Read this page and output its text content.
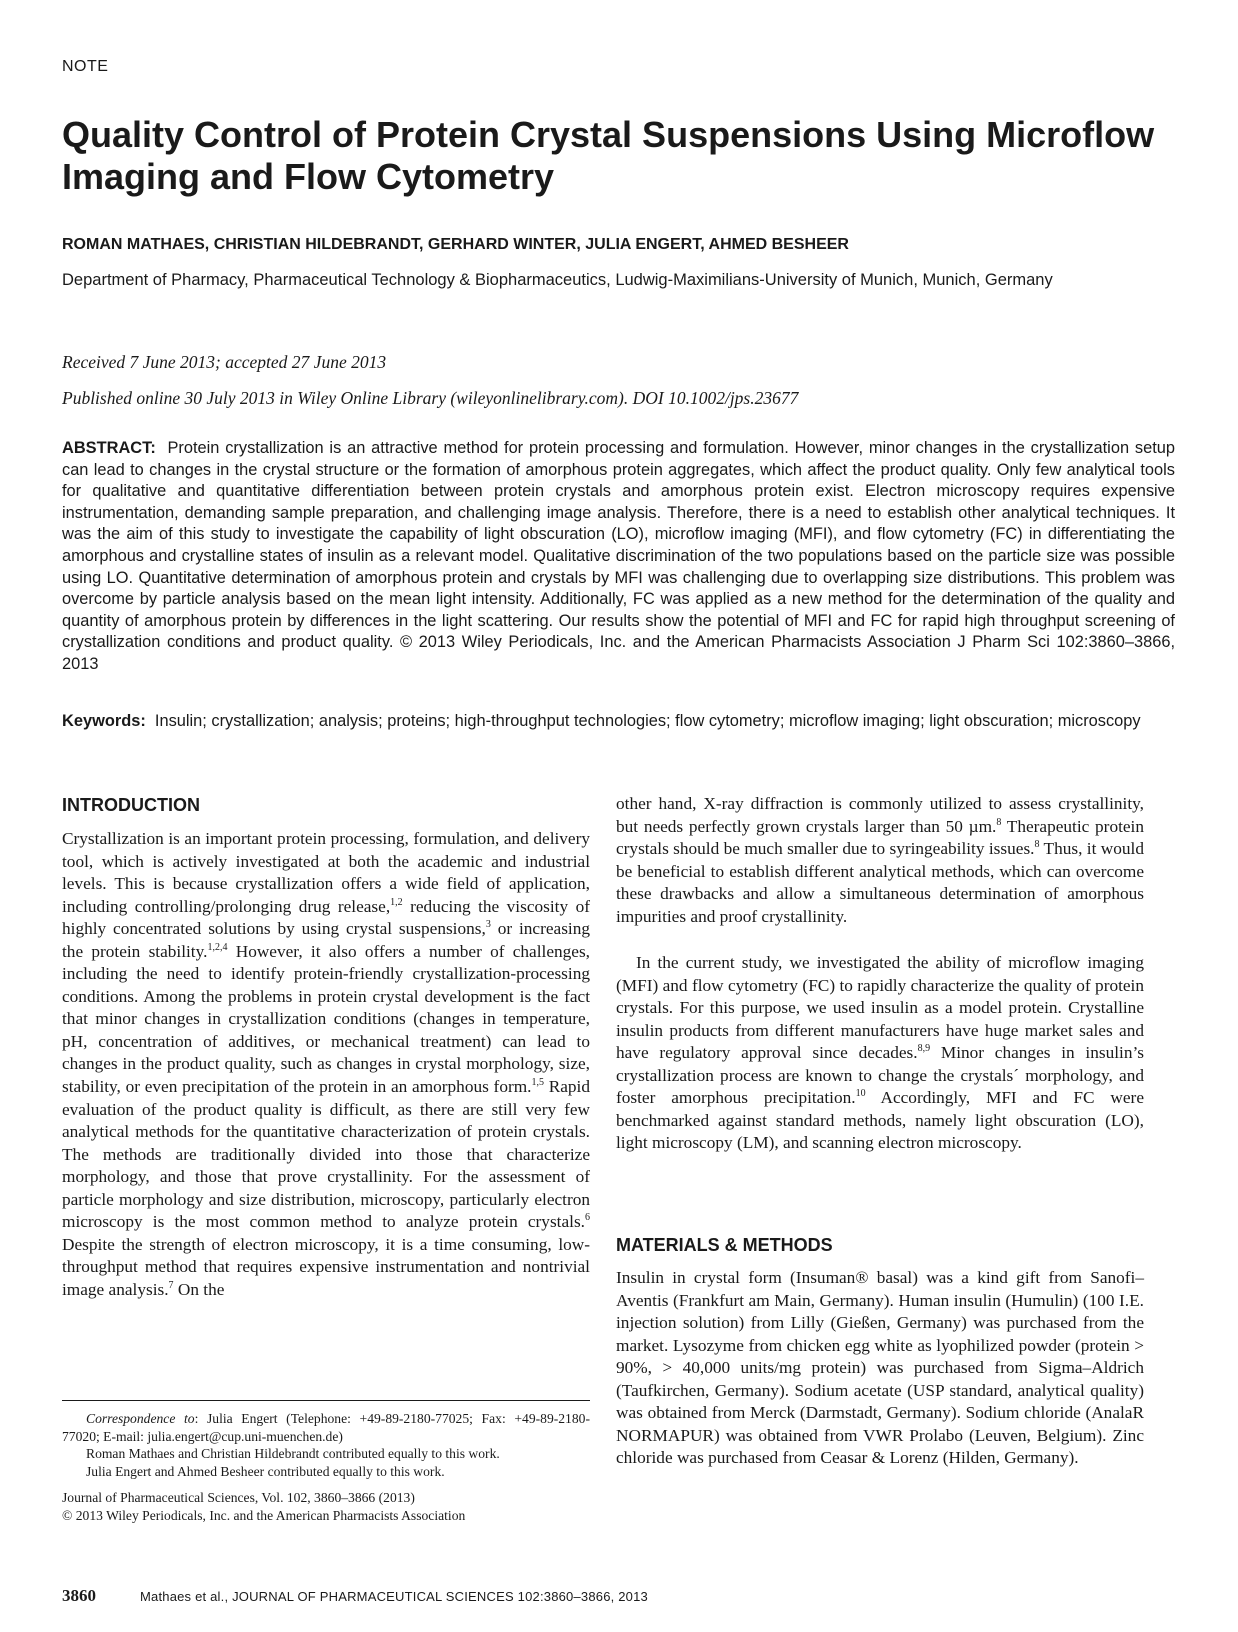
NOTE
Quality Control of Protein Crystal Suspensions Using Microflow Imaging and Flow Cytometry
ROMAN MATHAES, CHRISTIAN HILDEBRANDT, GERHARD WINTER, JULIA ENGERT, AHMED BESHEER
Department of Pharmacy, Pharmaceutical Technology & Biopharmaceutics, Ludwig-Maximilians-University of Munich, Munich, Germany
Received 7 June 2013; accepted 27 June 2013
Published online 30 July 2013 in Wiley Online Library (wileyonlinelibrary.com). DOI 10.1002/jps.23677
ABSTRACT: Protein crystallization is an attractive method for protein processing and formulation. However, minor changes in the crystallization setup can lead to changes in the crystal structure or the formation of amorphous protein aggregates, which affect the product quality. Only few analytical tools for qualitative and quantitative differentiation between protein crystals and amorphous protein exist. Electron microscopy requires expensive instrumentation, demanding sample preparation, and challenging image analysis. Therefore, there is a need to establish other analytical techniques. It was the aim of this study to investigate the capability of light obscuration (LO), microflow imaging (MFI), and flow cytometry (FC) in differentiating the amorphous and crystalline states of insulin as a relevant model. Qualitative discrimination of the two populations based on the particle size was possible using LO. Quantitative determination of amorphous protein and crystals by MFI was challenging due to overlapping size distributions. This problem was overcome by particle analysis based on the mean light intensity. Additionally, FC was applied as a new method for the determination of the quality and quantity of amorphous protein by differences in the light scattering. Our results show the potential of MFI and FC for rapid high throughput screening of crystallization conditions and product quality. © 2013 Wiley Periodicals, Inc. and the American Pharmacists Association J Pharm Sci 102:3860–3866, 2013
Keywords: Insulin; crystallization; analysis; proteins; high-throughput technologies; flow cytometry; microflow imaging; light obscuration; microscopy
INTRODUCTION
Crystallization is an important protein processing, formulation, and delivery tool, which is actively investigated at both the academic and industrial levels. This is because crystallization offers a wide field of application, including controlling/prolonging drug release,$^{1,2}$ reducing the viscosity of highly concentrated solutions by using crystal suspensions,$^3$ or increasing the protein stability.$^{1,2,4}$ However, it also offers a number of challenges, including the need to identify protein-friendly crystallization-processing conditions. Among the problems in protein crystal development is the fact that minor changes in crystallization conditions (changes in temperature, pH, concentration of additives, or mechanical treatment) can lead to changes in the product quality, such as changes in crystal morphology, size, stability, or even precipitation of the protein in an amorphous form.$^{1,5}$ Rapid evaluation of the product quality is difficult, as there are still very few analytical methods for the quantitative characterization of protein crystals. The methods are traditionally divided into those that characterize morphology, and those that prove crystallinity. For the assessment of particle morphology and size distribution, microscopy, particularly electron microscopy is the most common method to analyze protein crystals.$^6$ Despite the strength of electron microscopy, it is a time consuming, low-throughput method that requires expensive instrumentation and nontrivial image analysis.$^7$ On the
other hand, X-ray diffraction is commonly utilized to assess crystallinity, but needs perfectly grown crystals larger than 50 µm.$^8$ Therapeutic protein crystals should be much smaller due to syringeability issues.$^8$ Thus, it would be beneficial to establish different analytical methods, which can overcome these drawbacks and allow a simultaneous determination of amorphous impurities and proof crystallinity.
In the current study, we investigated the ability of microflow imaging (MFI) and flow cytometry (FC) to rapidly characterize the quality of protein crystals. For this purpose, we used insulin as a model protein. Crystalline insulin products from different manufacturers have huge market sales and have regulatory approval since decades.$^{8,9}$ Minor changes in insulin’s crystallization process are known to change the crystals´ morphology, and foster amorphous precipitation.$^{10}$ Accordingly, MFI and FC were benchmarked against standard methods, namely light obscuration (LO), light microscopy (LM), and scanning electron microscopy.
MATERIALS & METHODS
Insulin in crystal form (Insuman® basal) was a kind gift from Sanofi–Aventis (Frankfurt am Main, Germany). Human insulin (Humulin) (100 I.E. injection solution) from Lilly (Gießen, Germany) was purchased from the market. Lysozyme from chicken egg white as lyophilized powder (protein > 90%, > 40,000 units/mg protein) was purchased from Sigma–Aldrich (Taufkirchen, Germany). Sodium acetate (USP standard, analytical quality) was obtained from Merck (Darmstadt, Germany). Sodium chloride (AnalaR NORMAPUR) was obtained from VWR Prolabo (Leuven, Belgium). Zinc chloride was purchased from Ceasar & Lorenz (Hilden, Germany).
Correspondence to: Julia Engert (Telephone: +49-89-2180-77025; Fax: +49-89-2180-77020; E-mail: julia.engert@cup.uni-muenchen.de)
Roman Mathaes and Christian Hildebrandt contributed equally to this work.
Julia Engert and Ahmed Besheer contributed equally to this work.
Journal of Pharmaceutical Sciences, Vol. 102, 3860–3866 (2013)
© 2013 Wiley Periodicals, Inc. and the American Pharmacists Association
3860	Mathaes et al., JOURNAL OF PHARMACEUTICAL SCIENCES 102:3860–3866, 2013
